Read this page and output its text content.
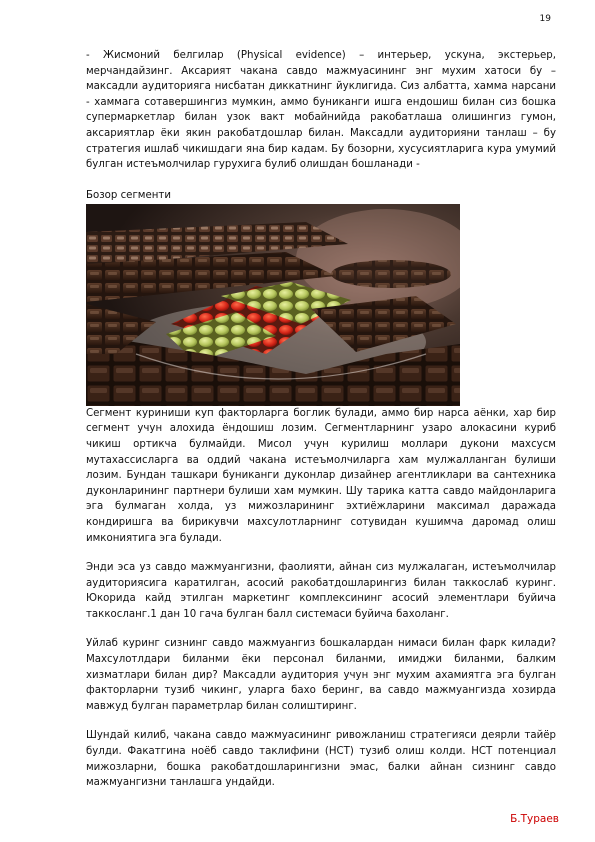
19

- Жисмоний белгилар (Physical evidence) – интерьер, ускуна, экстерьер, мерчандайзинг. Аксарият чакана савдо мажмуасининг энг мухим хатоси бу – максадли аудиторияга нисбатан диккатнинг йуклигида. Сиз албатта, хамма нарсани - хаммага сотавершингиз мумкин, аммо буниканги ишга ендошиш билан сиз бошка супермаркетлар билан узок вакт мобайнийда ракобатлаша олишингиз гумон, аксариятлар ёки якин ракобатдошлар билан. Максадли аудиторияни танлаш – бу стратегия ишлаб чикишдаги яна бир кадам. Бу бозорни, хусусиятларига кура умумий булган истеъмолчилар гурухига булиб олишдан бошланади -

Бозор сегменти

Сегмент куриниши куп факторларга боглик булади, аммо бир нарса аёнки, хар бир сегмент учун алохида ёндошиш лозим. Сегментларнинг узаро алокасини куриб чикиш ортикча булмайди. Мисол учун курилиш моллари дукони махсусм мутахассисларга ва оддий чакана истеъмолчиларга хам мулжалланган булиши лозим. Бундан ташкари буниканги дуконлар дизайнер агентликлари ва сантехника дуконларининг партнери булиши хам мумкин. Шу тарика катта савдо майдонларига эга булмаган холда, уз мижозларининг эхтиёжларини максимал даражада кондиришга ва бирикувчи махсулотларнинг сотувидан кушимча даромад олиш имкониятига эга булади.

Энди эса уз савдо мажмуангизни, фаолияти, айнан сиз мулжалаган, истеъмолчилар аудиториясига каратилган, асосий ракобатдошларингиз билан таккослаб куринг. Юкорида кайд этилган маркетинг комплексининг асосий элементлари буйича таккосланг.1 дан 10 гача булган балл системаси буйича бахоланг.

Уйлаб куринг сизнинг савдо мажмуангиз бошкалардан нимаси билан фарк килади? Махсулотлдари биланми ёки персонал биланми, имиджи биланми, балким хизматлари билан дир? Максадли аудитория учун энг мухим ахамиятга эга булган факторларни тузиб чикинг, уларга бахо беринг, ва савдо мажмуангизда хозирда мавжуд булган параметрлар билан солиштиринг.

Шундай килиб, чакана савдо мажмуасининг ривожланиш стратегияси деярли тайёр булди. Факатгина ноёб савдо таклифини (НСТ) тузиб олиш колди. НСТ потенциал мижозларни, бошка ракобатдошларингизни эмас, балки айнан сизнинг савдо мажмуангизни танлашга ундайди.

Б.Тураев
